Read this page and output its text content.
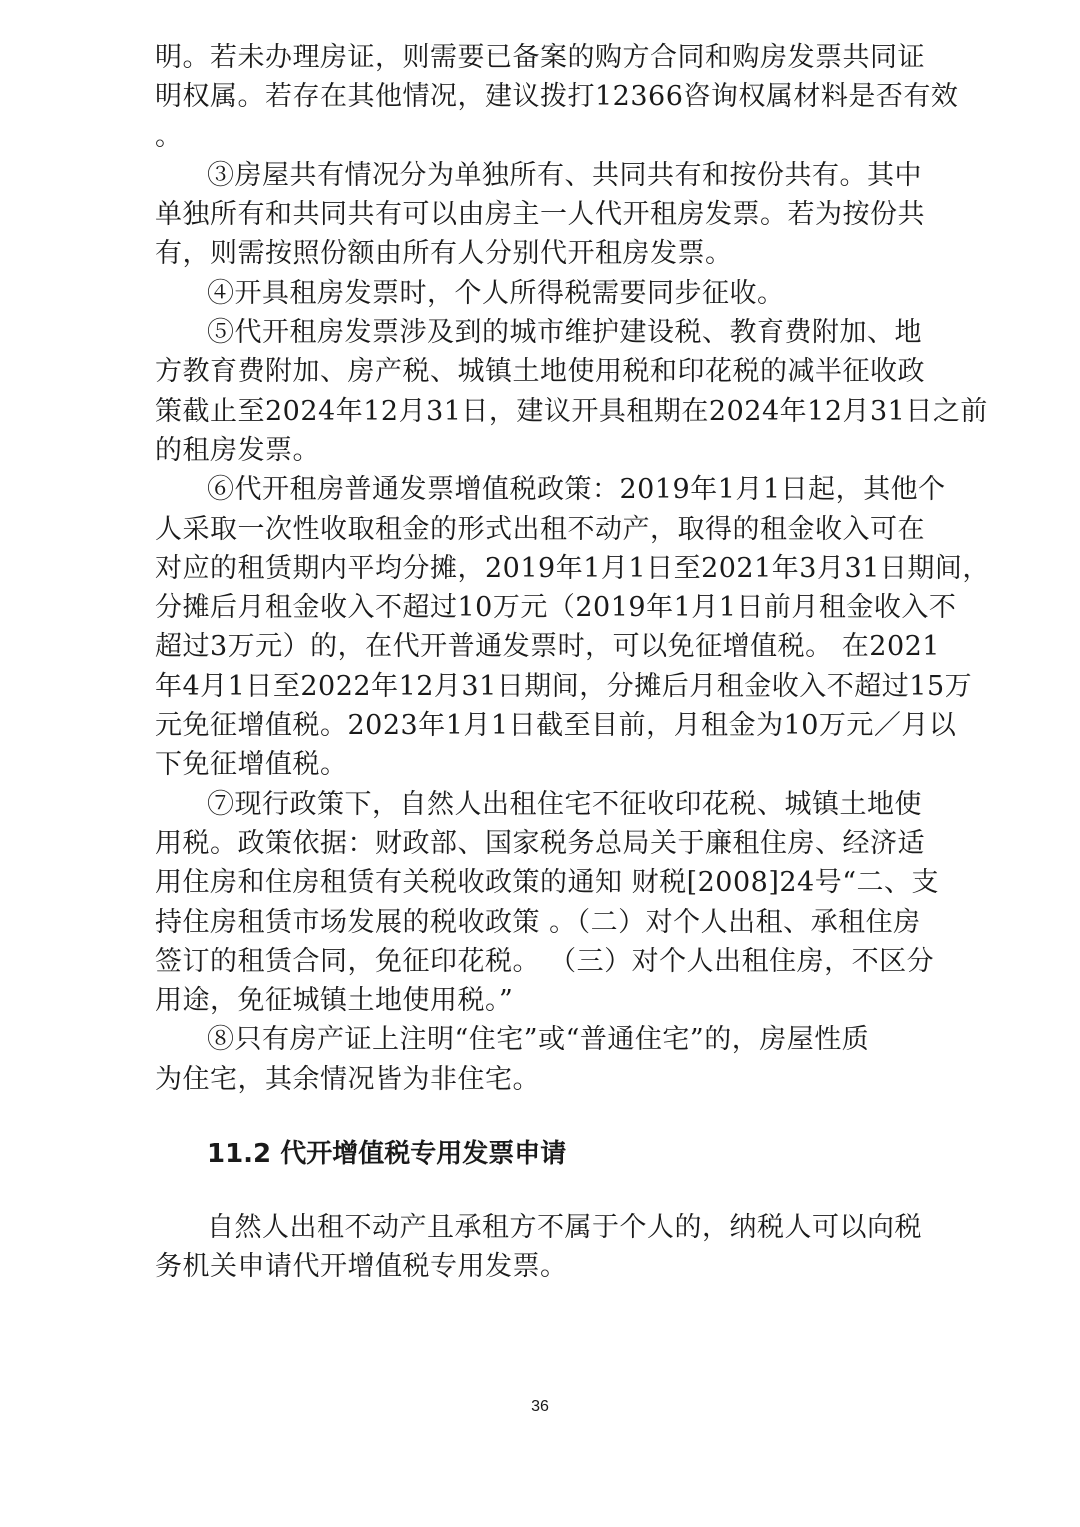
明。若未办理房证，则需要已备案的购方合同和购房发票共同证
明权属。若存在其他情况，建议拨打12366咨询权属材料是否有效
。
③房屋共有情况分为单独所有、共同共有和按份共有。其中
单独所有和共同共有可以由房主一人代开租房发票。若为按份共
有，则需按照份额由所有人分别代开租房发票。
④开具租房发票时，个人所得税需要同步征收。
⑤代开租房发票涉及到的城市维护建设税、教育费附加、地
方教育费附加、房产税、城镇土地使用税和印花税的减半征收政
策截止至2024年12月31日，建议开具租期在2024年12月31日之前
的租房发票。
⑥代开租房普通发票增值税政策：2019年1月1日起，其他个
人采取一次性收取租金的形式出租不动产，取得的租金收入可在
对应的租赁期内平均分摊，2019年1月1日至2021年3月31日期间，
分摊后月租金收入不超过10万元（2019年1月1日前月租金收入不
超过3万元）的，在代开普通发票时，可以免征增值税。 在2021
年4月1日至2022年12月31日期间，分摊后月租金收入不超过15万
元免征增值税。2023年1月1日截至目前，月租金为10万元／月以
下免征增值税。
⑦现行政策下，自然人出租住宅不征收印花税、城镇土地使
用税。政策依据：财政部、国家税务总局关于廉租住房、经济适
用住房和住房租赁有关税收政策的通知 财税[2008]24号“二、支
持住房租赁市场发展的税收政策 。（二）对个人出租、承租住房
签订的租赁合同，免征印花税。 （三）对个人出租住房，不区分
用途，免征城镇土地使用税。”
⑧只有房产证上注明“住宅”或“普通住宅”的，房屋性质
为住宅，其余情况皆为非住宅。
11.2 代开增值税专用发票申请
自然人出租不动产且承租方不属于个人的，纳税人可以向税
务机关申请代开增值税专用发票。
36
